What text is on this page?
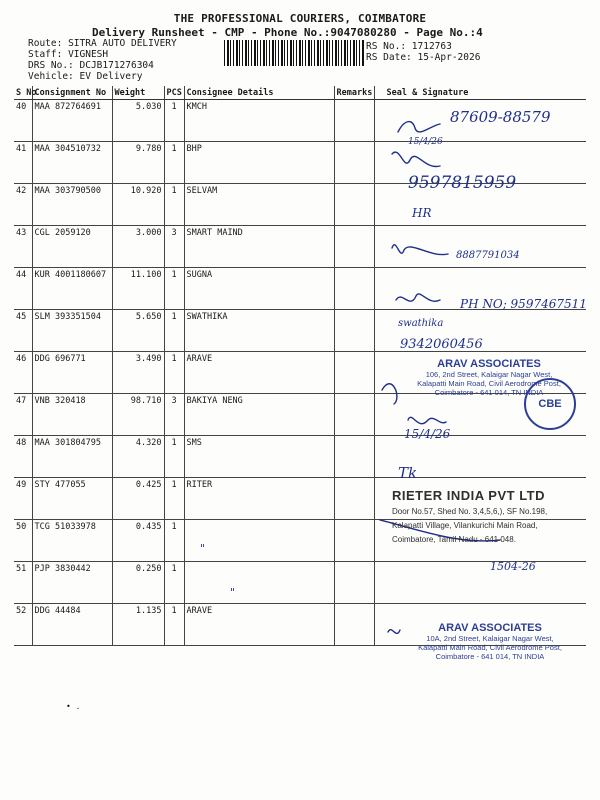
THE PROFESSIONAL COURIERS, COIMBATORE
Delivery Runsheet - CMP - Phone No.:9047080280 - Page No.:4
Route: SITRA AUTO DELIVERY
Staff: VIGNESH
DRS No.: DCJB171276304
Vehicle: EV Delivery
RS No.: 1712763
RS Date: 15-Apr-2026
S No	Consignment No	Weight	PCS	Consignee Details	Remarks	Seal & Signature
40	MAA 872764691	5.030	1	KMCH		
41	MAA 304510732	9.780	1	BHP		
42	MAA 303790500	10.920	1	SELVAM		
43	CGL 2059120	3.000	3	SMART MAIND		
44	KUR 4001180607	11.100	1	SUGNA		
45	SLM 393351504	5.650	1	SWATHIKA		
46	DDG 696771	3.490	1	ARAVE		
47	VNB 320418	98.710	3	BAKIYA NENG		
48	MAA 301804795	4.320	1	SMS		
49	STY 477055	0.425	1	RITER		
50	TCG 51033978	0.435	1			
51	PJP 3830442	0.250	1			
52	DDG 44484	1.135	1	ARAVE		
87609-88579
15/4/26
9597815959
HR
8887791034
PH NO; 9597467511
swathika
9342060456
15/4/26
Tk
"
"
1504-26
ARAV ASSOCIATES
106, 2nd Street, Kalaigar Nagar West,
Kalapatti Main Road, Civil Aerodrome Post,
Coimbatore - 641 014, TN INDIA
CBE
RIETER INDIA PVT LTD
Door No.57, Shed No. 3,4,5,6,), SF No.198,
Kalapatti Village, Vilankurichi Main Road,
Coimbatore, Tamil Nadu - 641 048.
ARAV ASSOCIATES
10A, 2nd Street, Kalaigar Nagar West,
Kalapatti Main Road, Civil Aerodrome Post,
Coimbatore - 641 014, TN INDIA
• .
